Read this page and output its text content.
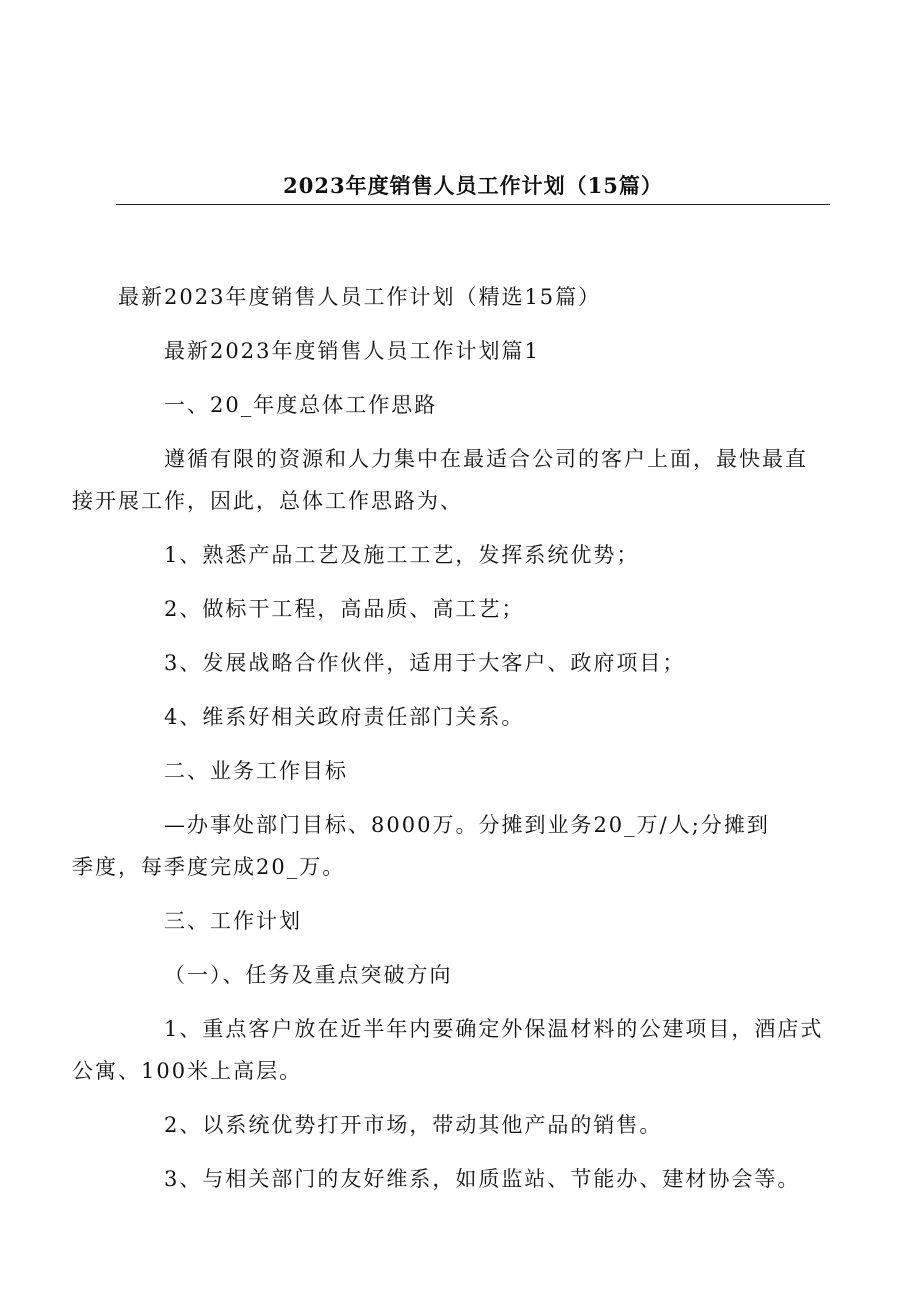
2023年度销售人员工作计划（15篇）

最新2023年度销售人员工作计划（精选15篇）

最新2023年度销售人员工作计划篇1

一、20_年度总体工作思路

遵循有限的资源和人力集中在最适合公司的客户上面，最快最直
接开展工作，因此，总体工作思路为、

1、熟悉产品工艺及施工工艺，发挥系统优势；

2、做标干工程，高品质、高工艺；

3、发展战略合作伙伴，适用于大客户、政府项目；

4、维系好相关政府责任部门关系。

二、业务工作目标

—办事处部门目标、8000万。分摊到业务20_万/人;分摊到
季度，每季度完成20_万。

三、工作计划

（一）、任务及重点突破方向

1、重点客户放在近半年内要确定外保温材料的公建项目，酒店式
公寓、100米上高层。

2、以系统优势打开市场，带动其他产品的销售。

3、与相关部门的友好维系，如质监站、节能办、建材协会等。
